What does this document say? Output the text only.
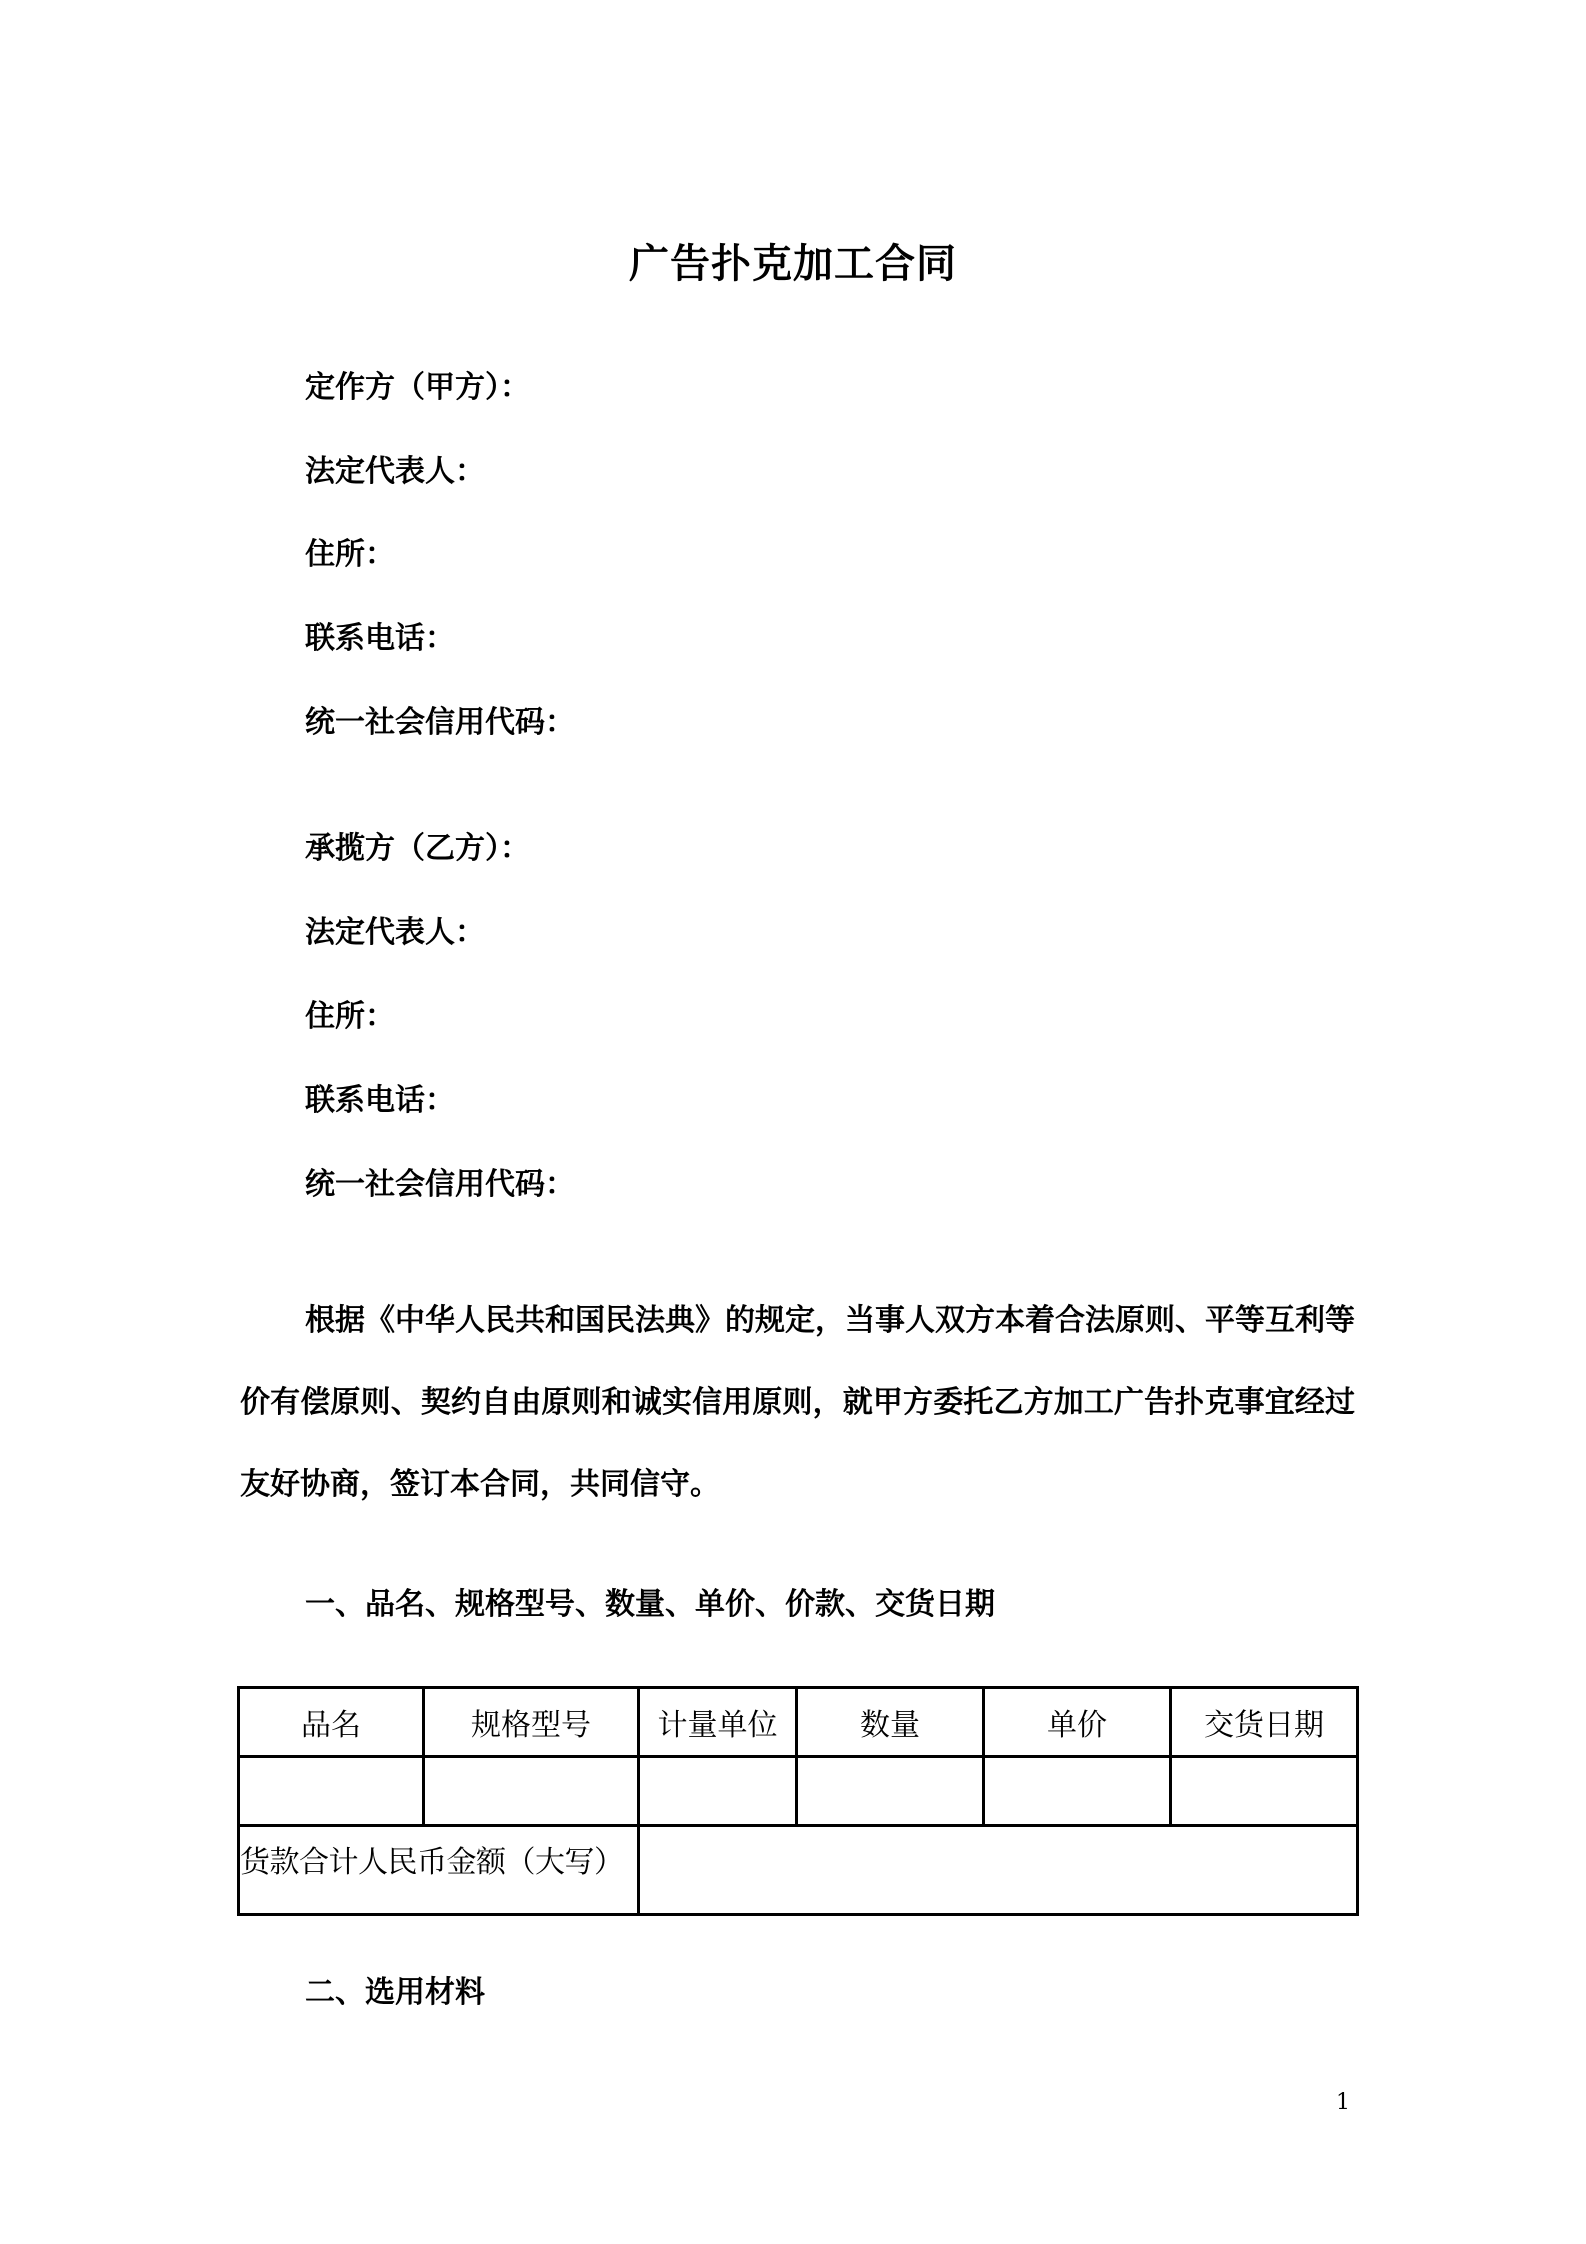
广告扑克加工合同
定作方（甲方）：
法定代表人：
住所：
联系电话：
统一社会信用代码：
承揽方（乙方）：
法定代表人：
住所：
联系电话：
统一社会信用代码：
根据《中华人民共和国民法典》的规定，当事人双方本着合法原则、平等互利等价有偿原则、契约自由原则和诚实信用原则，就甲方委托乙方加工广告扑克事宜经过友好协商，签订本合同，共同信守。
一、品名、规格型号、数量、单价、价款、交货日期
品名	规格型号	计量单位	数量	单价	交货日期

货款合计人民币金额（大写）					
二、选用材料
1
